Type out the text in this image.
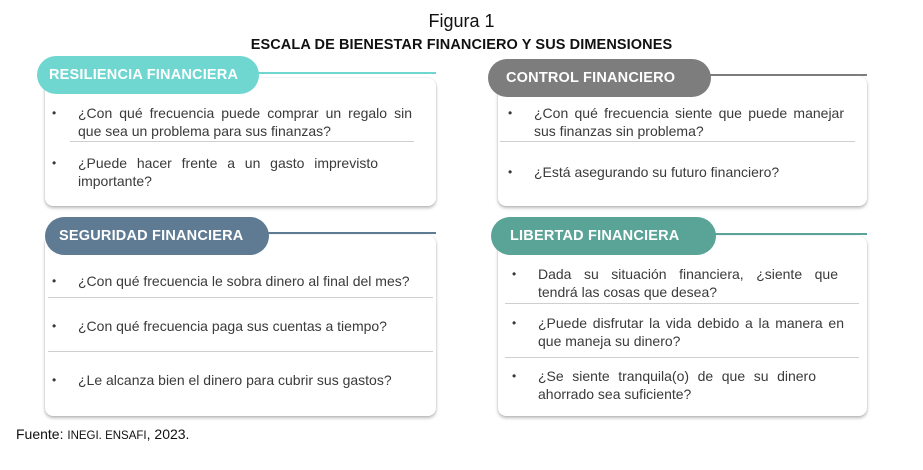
Figura 1
ESCALA DE BIENESTAR FINANCIERO Y SUS DIMENSIONES
RESILIENCIA FINANCIERA
• ¿Con qué frecuencia puede comprar un regalo sin que sea un problema para sus finanzas?
• ¿Puede hacer frente a un gasto imprevisto importante?
CONTROL FINANCIERO
• ¿Con qué frecuencia siente que puede manejar sus finanzas sin problema?
• ¿Está asegurando su futuro financiero?
SEGURIDAD FINANCIERA
• ¿Con qué frecuencia le sobra dinero al final del mes?
• ¿Con qué frecuencia paga sus cuentas a tiempo?
• ¿Le alcanza bien el dinero para cubrir sus gastos?
LIBERTAD FINANCIERA
• Dada su situación financiera, ¿siente que tendrá las cosas que desea?
• ¿Puede disfrutar la vida debido a la manera en que maneja su dinero?
• ¿Se siente tranquila(o) de que su dinero ahorrado sea suficiente?
Fuente: INEGI. ENSAFI, 2023.
